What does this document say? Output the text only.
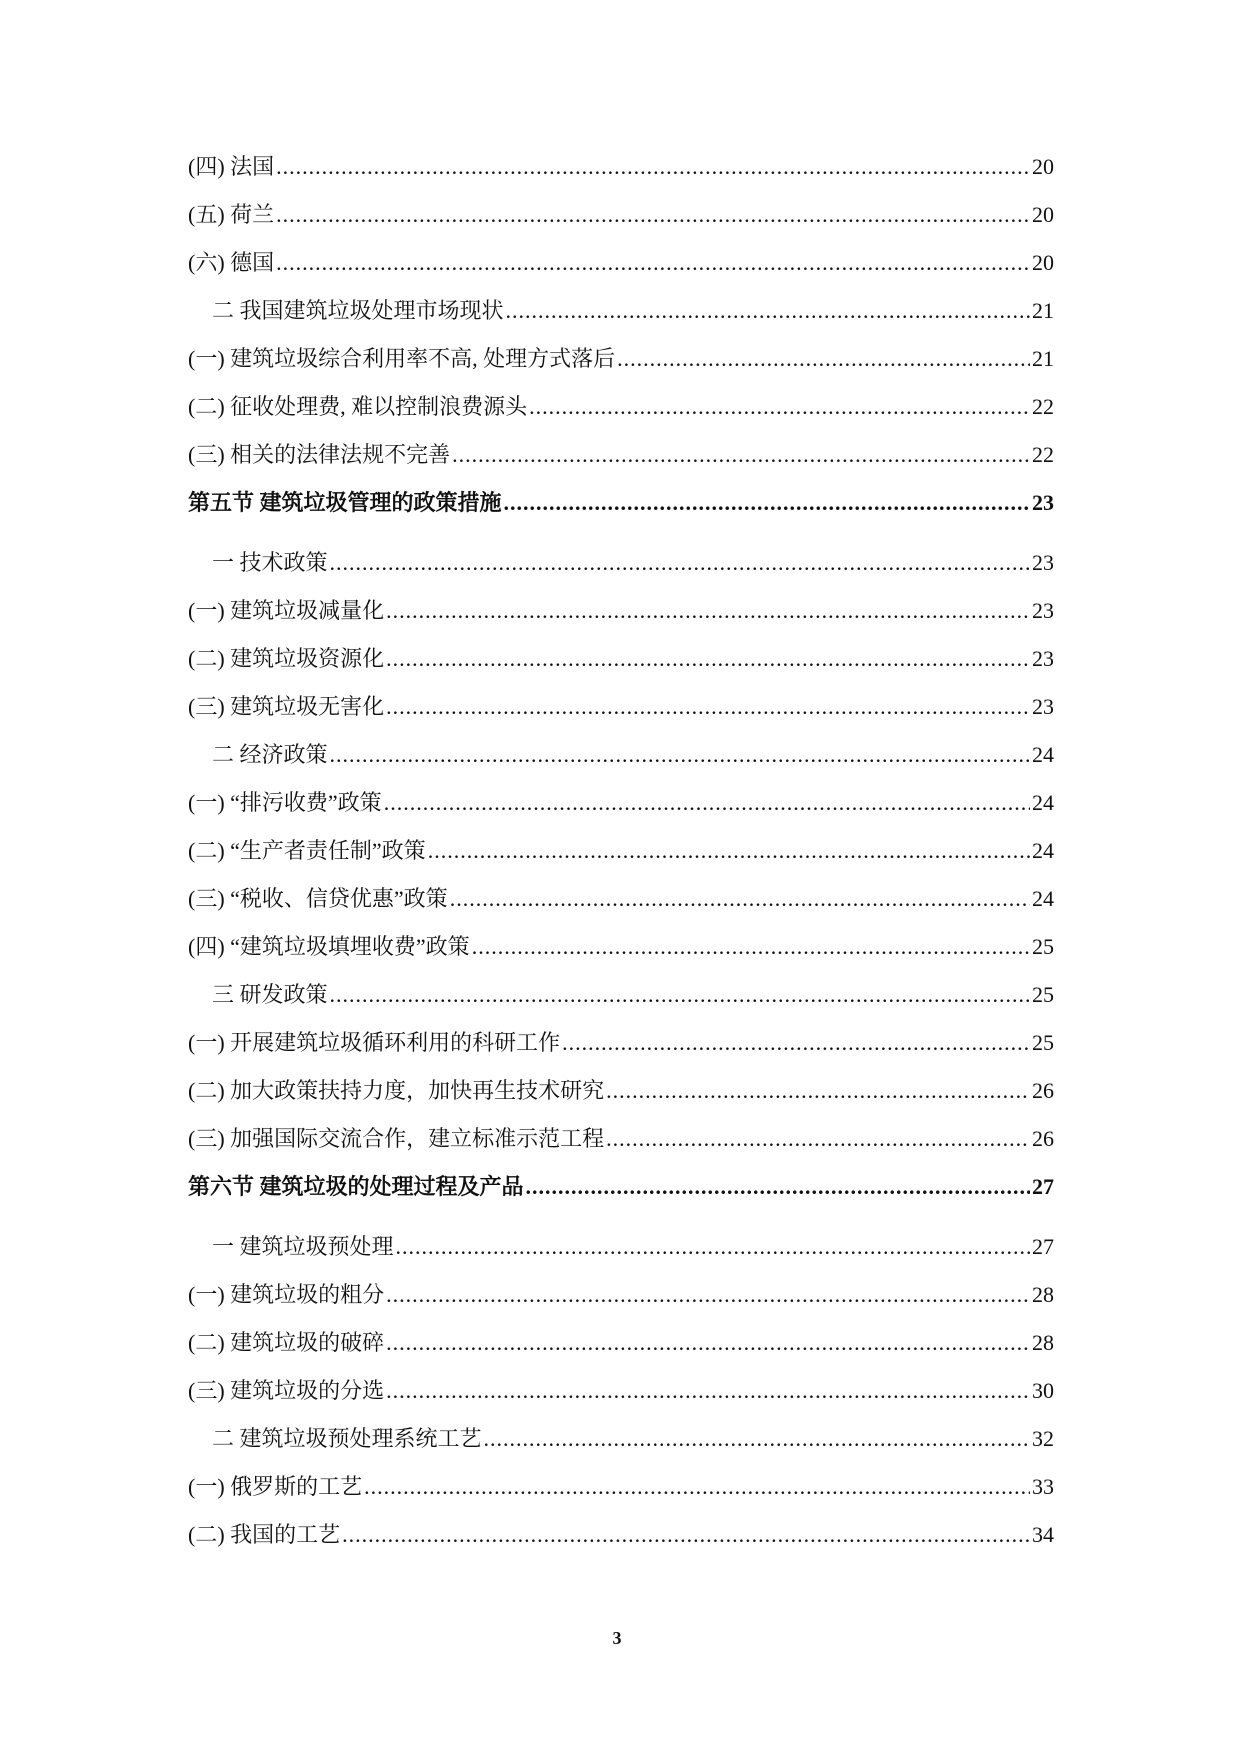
(四) 法国 .....	20
(五) 荷兰 .....	20
(六) 德国 .....	20
二 我国建筑垃圾处理市场现状 .....	21
(一) 建筑垃圾综合利用率不高, 处理方式落后 .....	21
(二) 征收处理费, 难以控制浪费源头 .....	22
(三) 相关的法律法规不完善 .....	22
第五节 建筑垃圾管理的政策措施 .....	23
一 技术政策 .....	23
(一) 建筑垃圾减量化 .....	23
(二) 建筑垃圾资源化 .....	23
(三) 建筑垃圾无害化 .....	23
二 经济政策 .....	24
(一) “排污收费”政策 .....	24
(二) “生产者责任制”政策 .....	24
(三) “税收、信贷优惠”政策 .....	24
(四) “建筑垃圾填埋收费”政策 .....	25
三 研发政策 .....	25
(一) 开展建筑垃圾循环利用的科研工作 .....	25
(二) 加大政策扶持力度，加快再生技术研究 .....	26
(三) 加强国际交流合作，建立标准示范工程 .....	26
第六节 建筑垃圾的处理过程及产品 .....	27
一 建筑垃圾预处理 .....	27
(一) 建筑垃圾的粗分 .....	28
(二) 建筑垃圾的破碎 .....	28
(三) 建筑垃圾的分选 .....	30
二 建筑垃圾预处理系统工艺 .....	32
(一) 俄罗斯的工艺 .....	33
(二) 我国的工艺 .....	34
3
